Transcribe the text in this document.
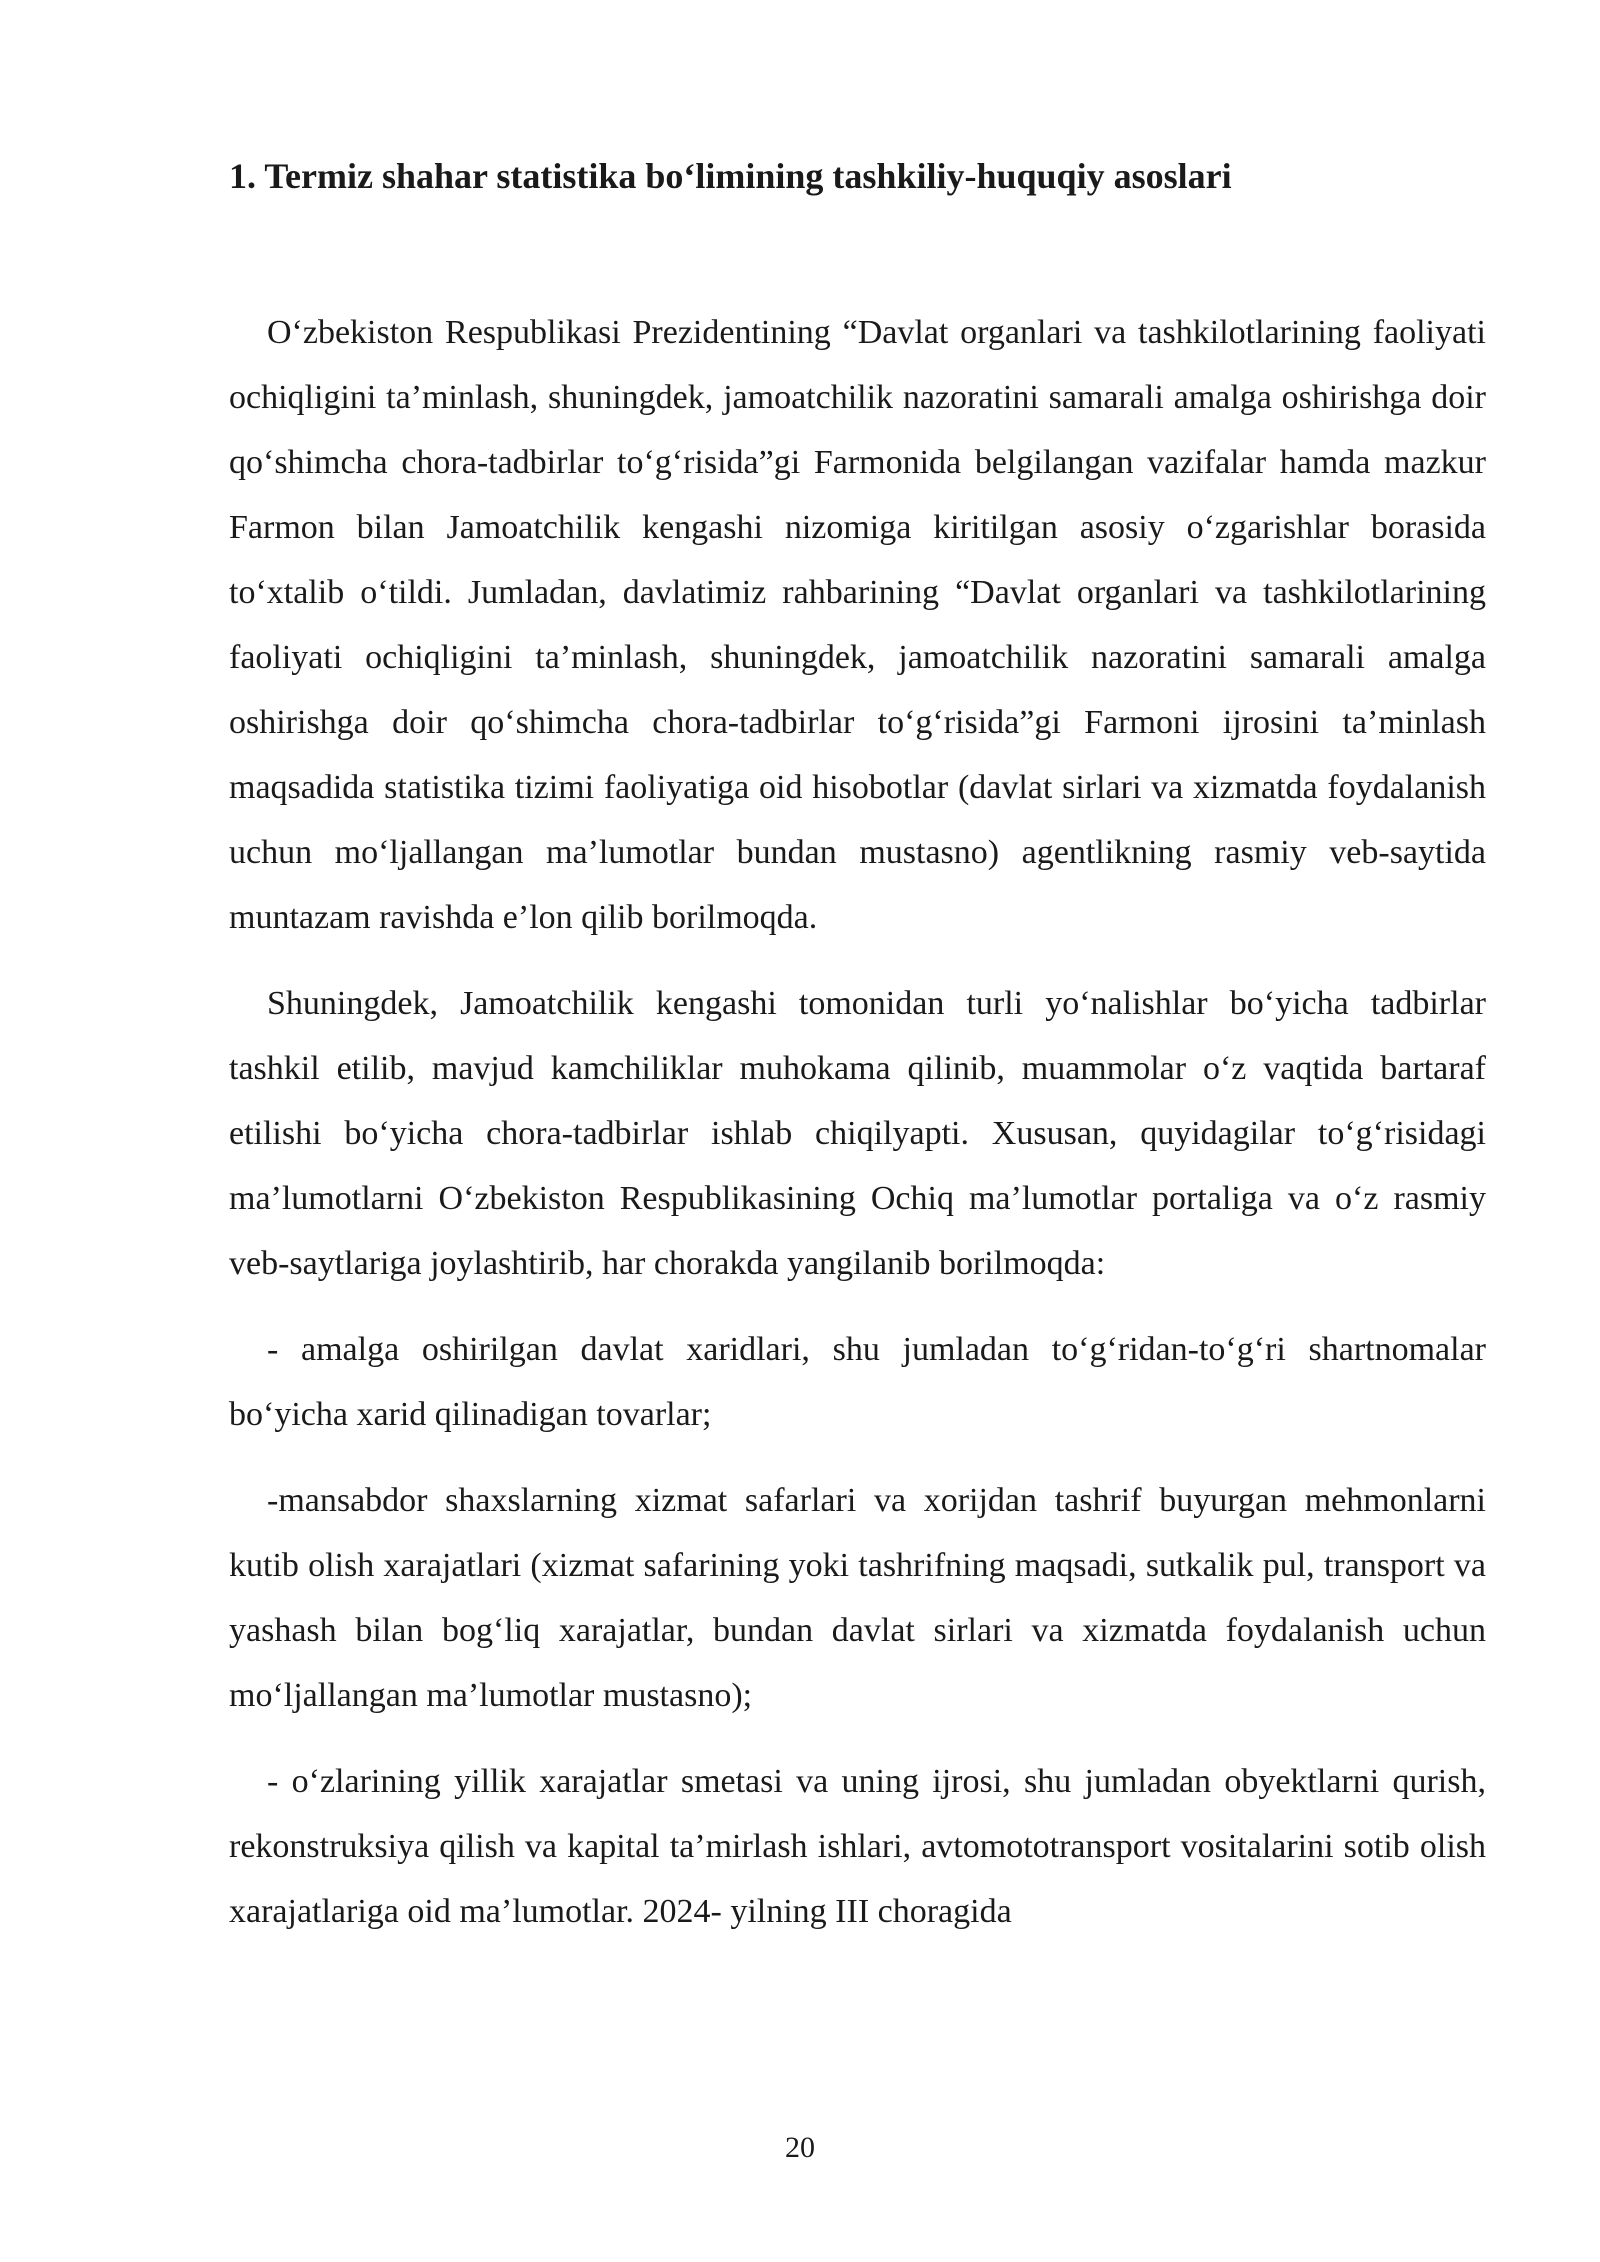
1. Termiz shahar statistika bo‘limining tashkiliy-huquqiy asoslari

O‘zbekiston Respublikasi Prezidentining “Davlat organlari va tashkilotlarining faoliyati ochiqligini ta’minlash, shuningdek, jamoatchilik nazoratini samarali amalga oshirishga doir qo‘shimcha chora-tadbirlar to‘g‘risida”gi Farmonida belgilangan vazifalar hamda mazkur Farmon bilan Jamoatchilik kengashi nizomiga kiritilgan asosiy o‘zgarishlar borasida to‘xtalib o‘tildi. Jumladan, davlatimiz rahbarining “Davlat organlari va tashkilotlarining faoliyati ochiqligini ta’minlash, shuningdek, jamoatchilik nazoratini samarali amalga oshirishga doir qo‘shimcha chora-tadbirlar to‘g‘risida”gi Farmoni ijrosini ta’minlash maqsadida statistika tizimi faoliyatiga oid hisobotlar (davlat sirlari va xizmatda foydalanish uchun mo‘ljallangan ma’lumotlar bundan mustasno) agentlikning rasmiy veb-saytida muntazam ravishda e’lon qilib borilmoqda.

Shuningdek, Jamoatchilik kengashi tomonidan turli yo‘nalishlar bo‘yicha tadbirlar tashkil etilib, mavjud kamchiliklar muhokama qilinib, muammolar o‘z vaqtida bartaraf etilishi bo‘yicha chora-tadbirlar ishlab chiqilyapti. Xususan, quyidagilar to‘g‘risidagi ma’lumotlarni O‘zbekiston Respublikasining Ochiq ma’lumotlar portaliga va o‘z rasmiy veb-saytlariga joylashtirib, har chorakda yangilanib borilmoqda:

- amalga oshirilgan davlat xaridlari, shu jumladan to‘g‘ridan-to‘g‘ri shartnomalar bo‘yicha xarid qilinadigan tovarlar;

-mansabdor shaxslarning xizmat safarlari va xorijdan tashrif buyurgan mehmonlarni kutib olish xarajatlari (xizmat safarining yoki tashrifning maqsadi, sutkalik pul, transport va yashash bilan bog‘liq xarajatlar, bundan davlat sirlari va xizmatda foydalanish uchun mo‘ljallangan ma’lumotlar mustasno);

- o‘zlarining yillik xarajatlar smetasi va uning ijrosi, shu jumladan obyektlarni qurish, rekonstruksiya qilish va kapital ta’mirlash ishlari, avtomototransport vositalarini sotib olish xarajatlariga oid ma’lumotlar. 2024- yilning III choragida

20
